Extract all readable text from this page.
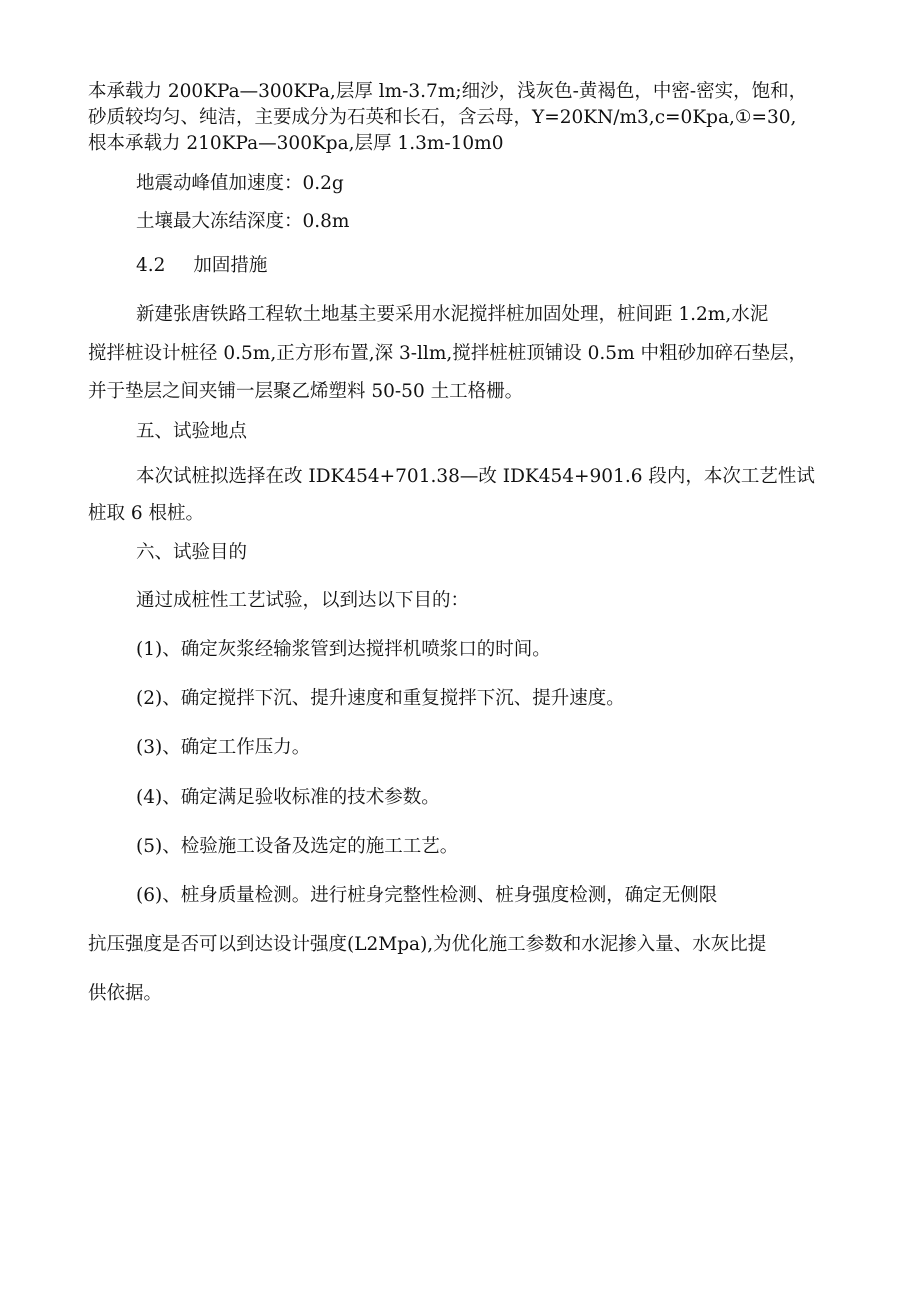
本承载力 200KPa—300KPa,层厚 lm-3.7m;细沙，浅灰色-黄褐色，中密-密实，饱和，
砂质较均匀、纯洁，主要成分为石英和长石，含云母，Y=20KN/m3,c=0Kpa,①=30,
根本承载力 210KPa—300Kpa,层厚 1.3m-10m0
地震动峰值加速度：0.2g
土壤最大冻结深度：0.8m
4.2 加固措施
新建张唐铁路工程软土地基主要采用水泥搅拌桩加固处理，桩间距 1.2m,水泥
搅拌桩设计桩径 0.5m,正方形布置,深 3-llm,搅拌桩桩顶铺设 0.5m 中粗砂加碎石垫层，
并于垫层之间夹铺一层聚乙烯塑料 50-50 土工格栅。
五、试验地点
本次试桩拟选择在改 IDK454+701.38—改 IDK454+901.6 段内，本次工艺性试
桩取 6 根桩。
六、试验目的
通过成桩性工艺试验，以到达以下目的：
(1)、确定灰浆经输浆管到达搅拌机喷浆口的时间。
(2)、确定搅拌下沉、提升速度和重复搅拌下沉、提升速度。
(3)、确定工作压力。
(4)、确定满足验收标准的技术参数。
(5)、检验施工设备及选定的施工工艺。
(6)、桩身质量检测。进行桩身完整性检测、桩身强度检测，确定无侧限
抗压强度是否可以到达设计强度(L2Mpa),为优化施工参数和水泥掺入量、水灰比提
供依据。
